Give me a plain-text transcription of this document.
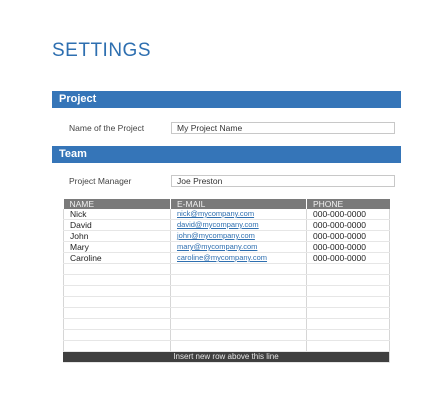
SETTINGS
Project
Name of the Project	My Project Name
Team
Project Manager	Joe Preston
NAME	E-MAIL	PHONE
Nick	nick@mycompany.com	000-000-0000
David	david@mycompany.com	000-000-0000
John	john@mycompany.com	000-000-0000
Mary	mary@mycompany.com	000-000-0000
Caroline	caroline@mycompany.com	000-000-0000

Insert new row above this line
